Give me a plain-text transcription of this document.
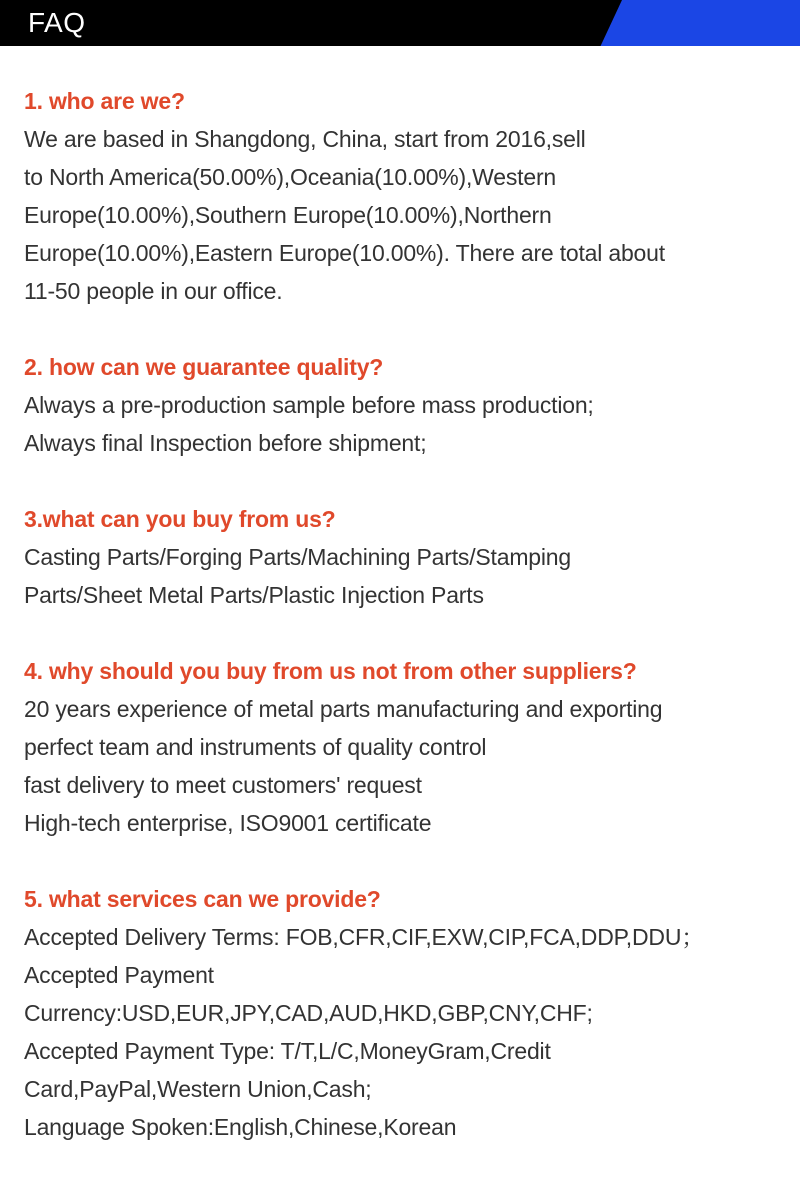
FAQ
1. who are we?
We are based in Shangdong, China, start from 2016,sell
to North America(50.00%),Oceania(10.00%),Western
Europe(10.00%),Southern Europe(10.00%),Northern
Europe(10.00%),Eastern Europe(10.00%). There are total about
11-50 people in our office.
2. how can we guarantee quality?
Always a pre-production sample before mass production;
Always final Inspection before shipment;
3.what can you buy from us?
Casting Parts/Forging Parts/Machining Parts/Stamping
Parts/Sheet Metal Parts/Plastic Injection Parts
4. why should you buy from us not from other suppliers?
20 years experience of metal parts manufacturing and exporting
perfect team and instruments of quality control
fast delivery to meet customers' request
High-tech enterprise, ISO9001 certificate
5. what services can we provide?
Accepted Delivery Terms: FOB,CFR,CIF,EXW,CIP,FCA,DDP,DDU；
Accepted Payment
Currency:USD,EUR,JPY,CAD,AUD,HKD,GBP,CNY,CHF;
Accepted Payment Type: T/T,L/C,MoneyGram,Credit
Card,PayPal,Western Union,Cash;
Language Spoken:English,Chinese,Korean
